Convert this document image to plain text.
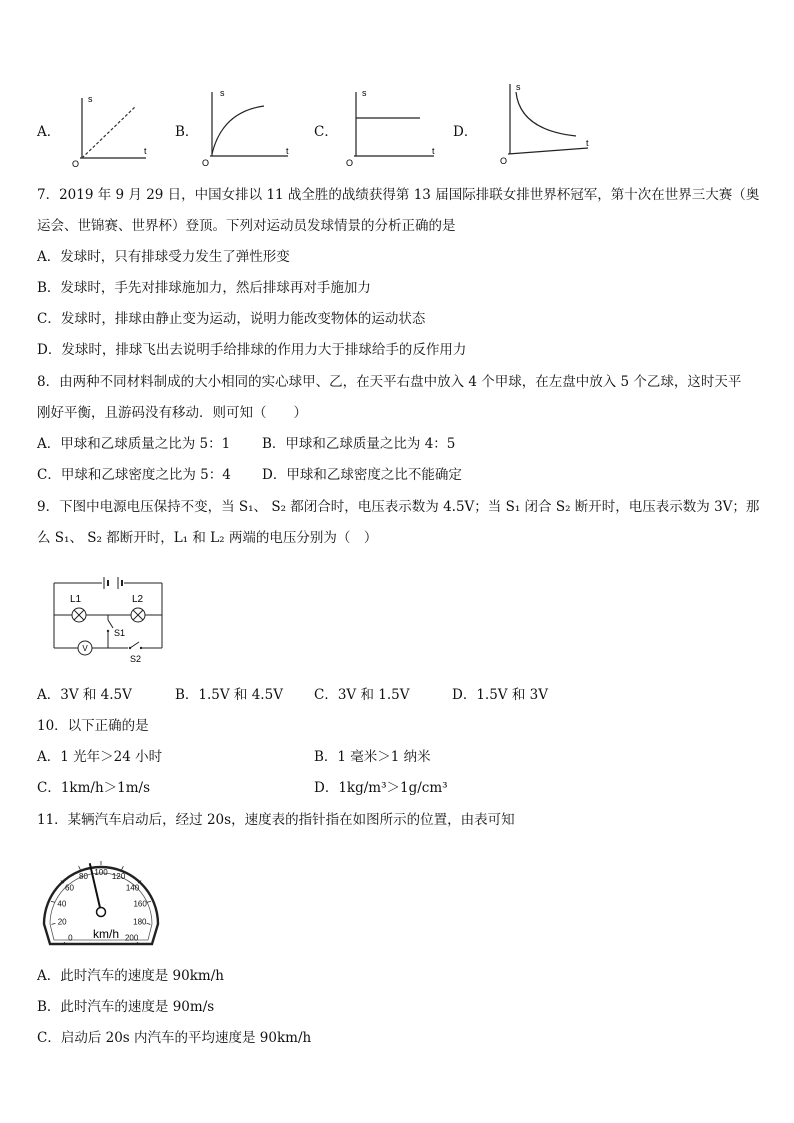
A．
s
t
O
B．
s
t
O
C．
s
t
O
D．
s
t
O
7．2019 年 9 月 29 日，中国女排以 11 战全胜的战绩获得第 13 届国际排联女排世界杯冠军，第十次在世界三大赛（奥
运会、世锦赛、世界杯）登顶。下列对运动员发球情景的分析正确的是
A．发球时，只有排球受力发生了弹性形变
B．发球时，手先对排球施加力，然后排球再对手施加力
C．发球时，排球由静止变为运动，说明力能改变物体的运动状态
D．发球时，排球飞出去说明手给排球的作用力大于排球给手的反作用力
8．由两种不同材料制成的大小相同的实心球甲、乙，在天平右盘中放入 4 个甲球，在左盘中放入 5 个乙球，这时天平
刚好平衡，且游码没有移动．则可知（　　）
A．甲球和乙球质量之比为 5：1 B．甲球和乙球质量之比为 4：5
C．甲球和乙球密度之比为 5：4 D．甲球和乙球密度之比不能确定
9．下图中电源电压保持不变，当 S₁、 S₂ 都闭合时，电压表示数为 4.5V；当 S₁ 闭合 S₂ 断开时，电压表示数为 3V；那
么 S₁、 S₂ 都断开时，L₁ 和 L₂ 两端的电压分别为（　）
V
L1	L2
S1
S2
A．3V 和 4.5V	B．1.5V 和 4.5V C．3V 和 1.5V	D．1.5V 和 3V
10．以下正确的是
A．1 光年＞24 小时	B．1 毫米＞1 纳米
C．1km/h＞1m/s	D．1kg/m³＞1g/cm³
11．某辆汽车启动后，经过 20s，速度表的指针指在如图所示的位置，由表可知
0
20
40
60
80 100 120
140
160
180
200
km/h
A．此时汽车的速度是 90km/h
B．此时汽车的速度是 90m/s
C．启动后 20s 内汽车的平均速度是 90km/h
